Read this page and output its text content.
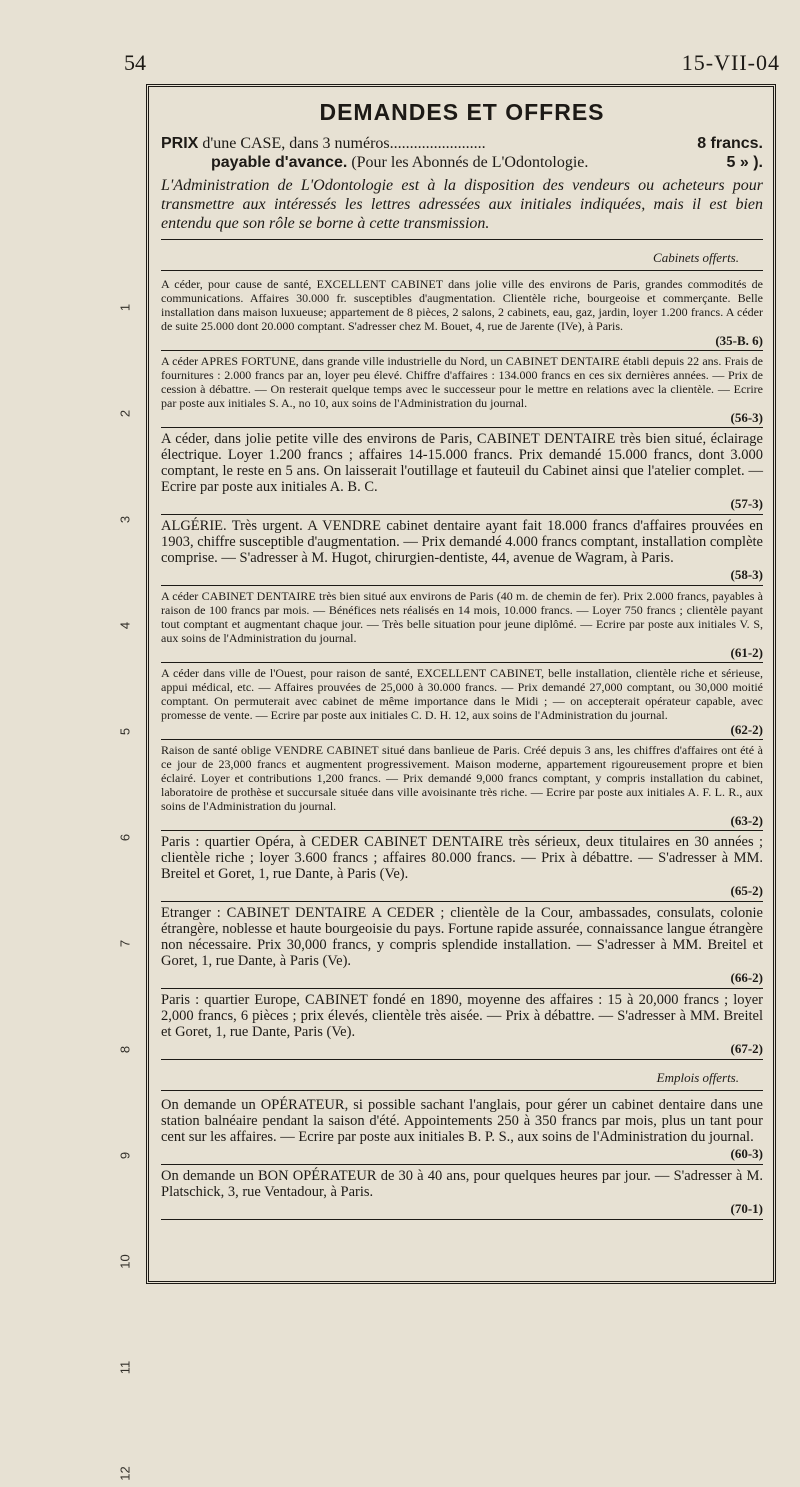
54	15-VII-04
1
2
3
4
5
6
7
8
9
10
11
12
DEMANDES ET OFFRES
PRIX d'une CASE, dans 3 numéros........................	8 francs.
payable d'avance. (Pour les Abonnés de L'Odontologie.	5 » ).
L'Administration de L'Odontologie est à la disposition des vendeurs ou acheteurs pour transmettre aux intéressés les lettres adressées aux initiales indiquées, mais il est bien entendu que son rôle se borne à cette transmission.
Cabinets offerts.
A céder, pour cause de santé, EXCELLENT CABINET dans jolie ville des environs de Paris, grandes commodités de communications. Affaires 30.000 fr. susceptibles d'augmentation. Clientèle riche, bourgeoise et commerçante. Belle installation dans maison luxueuse; appartement de 8 pièces, 2 salons, 2 cabinets, eau, gaz, jardin, loyer 1.200 francs. A céder de suite 25.000 dont 20.000 comptant. S'adresser chez M. Bouet, 4, rue de Jarente (IVe), à Paris.
(35-B. 6)
A céder APRES FORTUNE, dans grande ville industrielle du Nord, un CABINET DENTAIRE établi depuis 22 ans. Frais de fournitures : 2.000 francs par an, loyer peu élevé. Chiffre d'affaires : 134.000 francs en ces six dernières années. — Prix de cession à débattre. — On resterait quelque temps avec le successeur pour le mettre en relations avec la clientèle. — Ecrire par poste aux initiales S. A., no 10, aux soins de l'Administration du journal.
(56-3)
A céder, dans jolie petite ville des environs de Paris, CABINET DENTAIRE très bien situé, éclairage électrique. Loyer 1.200 francs ; affaires 14-15.000 francs. Prix demandé 15.000 francs, dont 3.000 comptant, le reste en 5 ans. On laisserait l'outillage et fauteuil du Cabinet ainsi que l'atelier complet. — Ecrire par poste aux initiales A. B. C.
(57-3)
ALGÉRIE. Très urgent. A VENDRE cabinet dentaire ayant fait 18.000 francs d'affaires prouvées en 1903, chiffre susceptible d'augmentation. — Prix demandé 4.000 francs comptant, installation complète comprise. — S'adresser à M. Hugot, chirurgien-dentiste, 44, avenue de Wagram, à Paris.
(58-3)
A céder CABINET DENTAIRE très bien situé aux environs de Paris (40 m. de chemin de fer). Prix 2.000 francs, payables à raison de 100 francs par mois. — Bénéfices nets réalisés en 14 mois, 10.000 francs. — Loyer 750 francs ; clientèle payant tout comptant et augmentant chaque jour. — Très belle situation pour jeune diplômé. — Ecrire par poste aux initiales V. S, aux soins de l'Administration du journal.
(61-2)
A céder dans ville de l'Ouest, pour raison de santé, EXCELLENT CABINET, belle installation, clientèle riche et sérieuse, appui médical, etc. — Affaires prouvées de 25,000 à 30.000 francs. — Prix demandé 27,000 comptant, ou 30,000 moitié comptant. On permuterait avec cabinet de même importance dans le Midi ; — on accepterait opérateur capable, avec promesse de vente. — Ecrire par poste aux initiales C. D. H. 12, aux soins de l'Administration du journal.
(62-2)
Raison de santé oblige VENDRE CABINET situé dans banlieue de Paris. Créé depuis 3 ans, les chiffres d'affaires ont été à ce jour de 23,000 francs et augmentent progressivement. Maison moderne, appartement rigoureusement propre et bien éclairé. Loyer et contributions 1,200 francs. — Prix demandé 9,000 francs comptant, y compris installation du cabinet, laboratoire de prothèse et succursale située dans ville avoisinante très riche. — Ecrire par poste aux initiales A. F. L. R., aux soins de l'Administration du journal.
(63-2)
Paris : quartier Opéra, à CEDER CABINET DENTAIRE très sérieux, deux titulaires en 30 années ; clientèle riche ; loyer 3.600 francs ; affaires 80.000 francs. — Prix à débattre. — S'adresser à MM. Breitel et Goret, 1, rue Dante, à Paris (Ve).
(65-2)
Etranger : CABINET DENTAIRE A CEDER ; clientèle de la Cour, ambassades, consulats, colonie étrangère, noblesse et haute bourgeoisie du pays. Fortune rapide assurée, connaissance langue étrangère non nécessaire. Prix 30,000 francs, y compris splendide installation. — S'adresser à MM. Breitel et Goret, 1, rue Dante, à Paris (Ve).
(66-2)
Paris : quartier Europe, CABINET fondé en 1890, moyenne des affaires : 15 à 20,000 francs ; loyer 2,000 francs, 6 pièces ; prix élevés, clientèle très aisée. — Prix à débattre. — S'adresser à MM. Breitel et Goret, 1, rue Dante, Paris (Ve).
(67-2)
Emplois offerts.
On demande un OPÉRATEUR, si possible sachant l'anglais, pour gérer un cabinet dentaire dans une station balnéaire pendant la saison d'été. Appointements 250 à 350 francs par mois, plus un tant pour cent sur les affaires. — Ecrire par poste aux initiales B. P. S., aux soins de l'Administration du journal.
(60-3)
On demande un BON OPÉRATEUR de 30 à 40 ans, pour quelques heures par jour. — S'adresser à M. Platschick, 3, rue Ventadour, à Paris.
(70-1)
